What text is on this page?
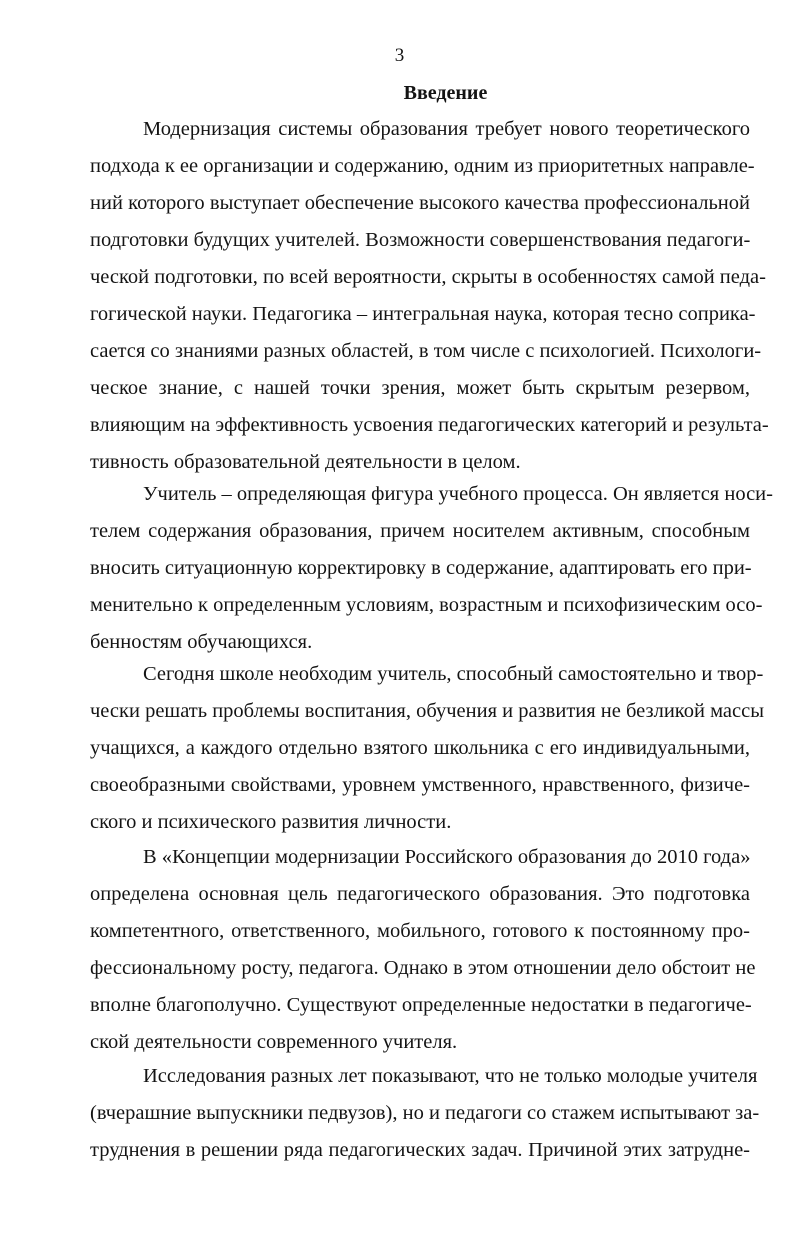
3
Введение
Модернизация системы образования требует нового теоретического
подхода к ее организации и содержанию, одним из приоритетных направле-
ний которого выступает обеспечение высокого качества профессиональной
подготовки будущих учителей. Возможности совершенствования педагоги-
ческой подготовки, по всей вероятности, скрыты в особенностях самой педа-
гогической науки. Педагогика – интегральная наука, которая тесно соприка-
сается со знаниями разных областей, в том числе с психологией. Психологи-
ческое знание, с нашей точки зрения, может быть скрытым резервом,
влияющим на эффективность усвоения педагогических категорий и результа-
тивность образовательной деятельности в целом.
Учитель – определяющая фигура учебного процесса. Он является носи-
телем содержания образования, причем носителем активным, способным
вносить ситуационную корректировку в содержание, адаптировать его при-
менительно к определенным условиям, возрастным и психофизическим осо-
бенностям обучающихся.
Сегодня школе необходим учитель, способный самостоятельно и твор-
чески решать проблемы воспитания, обучения и развития не безликой массы
учащихся, а каждого отдельно взятого школьника с его индивидуальными,
своеобразными свойствами, уровнем умственного, нравственного, физиче-
ского и психического развития личности.
В «Концепции модернизации Российского образования до 2010 года»
определена основная цель педагогического образования. Это подготовка
компетентного, ответственного, мобильного, готового к постоянному про-
фессиональному росту, педагога. Однако в этом отношении дело обстоит не
вполне благополучно. Существуют определенные недостатки в педагогиче-
ской деятельности современного учителя.
Исследования разных лет показывают, что не только молодые учителя
(вчерашние выпускники педвузов), но и педагоги со стажем испытывают за-
труднения в решении ряда педагогических задач. Причиной этих затрудне-
